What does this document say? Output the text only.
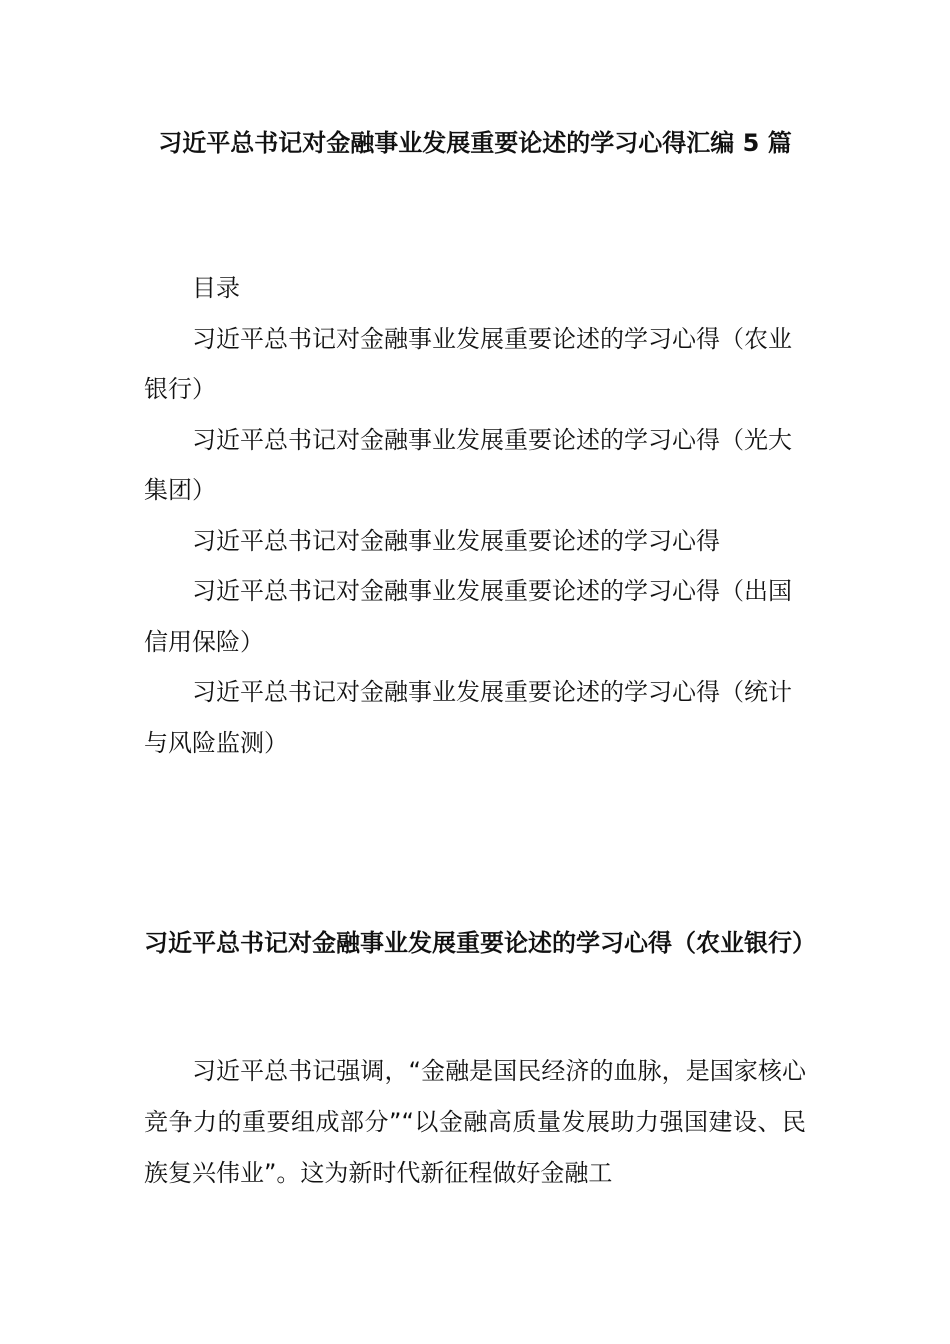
习近平总书记对金融事业发展重要论述的学习心得汇编 5 篇

目录

习近平总书记对金融事业发展重要论述的学习心得（农业银行）

习近平总书记对金融事业发展重要论述的学习心得（光大集团）

习近平总书记对金融事业发展重要论述的学习心得

习近平总书记对金融事业发展重要论述的学习心得（出国信用保险）

习近平总书记对金融事业发展重要论述的学习心得（统计与风险监测）

习近平总书记对金融事业发展重要论述的学习心得（农业银行）

习近平总书记强调，“金融是国民经济的血脉，是国家核心竞争力的重要组成部分”“以金融高质量发展助力强国建设、民族复兴伟业”。这为新时代新征程做好金融工
